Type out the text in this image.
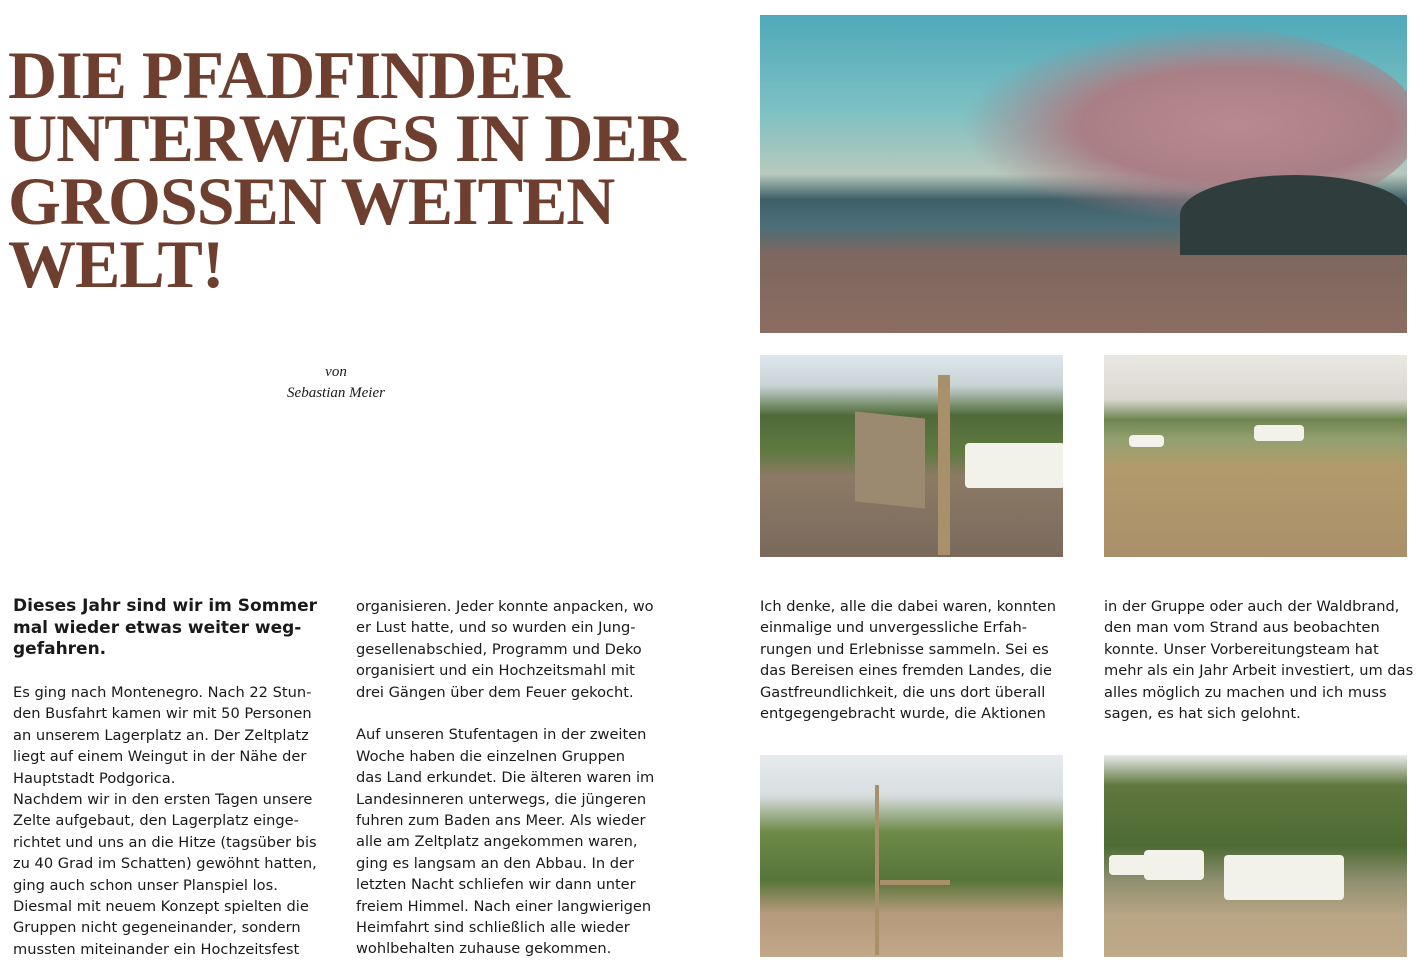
DIE PFADFINDER
UNTERWEGS IN DER
GROSSEN WEITEN
WELT!
von
Sebastian Meier
Dieses Jahr sind wir im Sommer
mal wieder etwas weiter weg-
gefahren.
Es ging nach Montenegro. Nach 22 Stun-
den Busfahrt kamen wir mit 50 Personen
an unserem Lagerplatz an. Der Zeltplatz
liegt auf einem Weingut in der Nähe der
Hauptstadt Podgorica.
Nachdem wir in den ersten Tagen unsere
Zelte aufgebaut, den Lagerplatz einge-
richtet und uns an die Hitze (tagsüber bis
zu 40 Grad im Schatten) gewöhnt hatten,
ging auch schon unser Planspiel los.
Diesmal mit neuem Konzept spielten die
Gruppen nicht gegeneinander, sondern
mussten miteinander ein Hochzeitsfest
organisieren. Jeder konnte anpacken, wo
er Lust hatte, und so wurden ein Jung-
gesellenabschied, Programm und Deko
organisiert und ein Hochzeitsmahl mit
drei Gängen über dem Feuer gekocht.
Auf unseren Stufentagen in der zweiten
Woche haben die einzelnen Gruppen
das Land erkundet. Die älteren waren im
Landesinneren unterwegs, die jüngeren
fuhren zum Baden ans Meer. Als wieder
alle am Zeltplatz angekommen waren,
ging es langsam an den Abbau. In der
letzten Nacht schliefen wir dann unter
freiem Himmel. Nach einer langwierigen
Heimfahrt sind schließlich alle wieder
wohlbehalten zuhause gekommen.
Ich denke, alle die dabei waren, konnten
einmalige und unvergessliche Erfah-
rungen und Erlebnisse sammeln. Sei es
das Bereisen eines fremden Landes, die
Gastfreundlichkeit, die uns dort überall
entgegengebracht wurde, die Aktionen
in der Gruppe oder auch der Waldbrand,
den man vom Strand aus beobachten
konnte. Unser Vorbereitungsteam hat
mehr als ein Jahr Arbeit investiert, um das
alles möglich zu machen und ich muss
sagen, es hat sich gelohnt.
